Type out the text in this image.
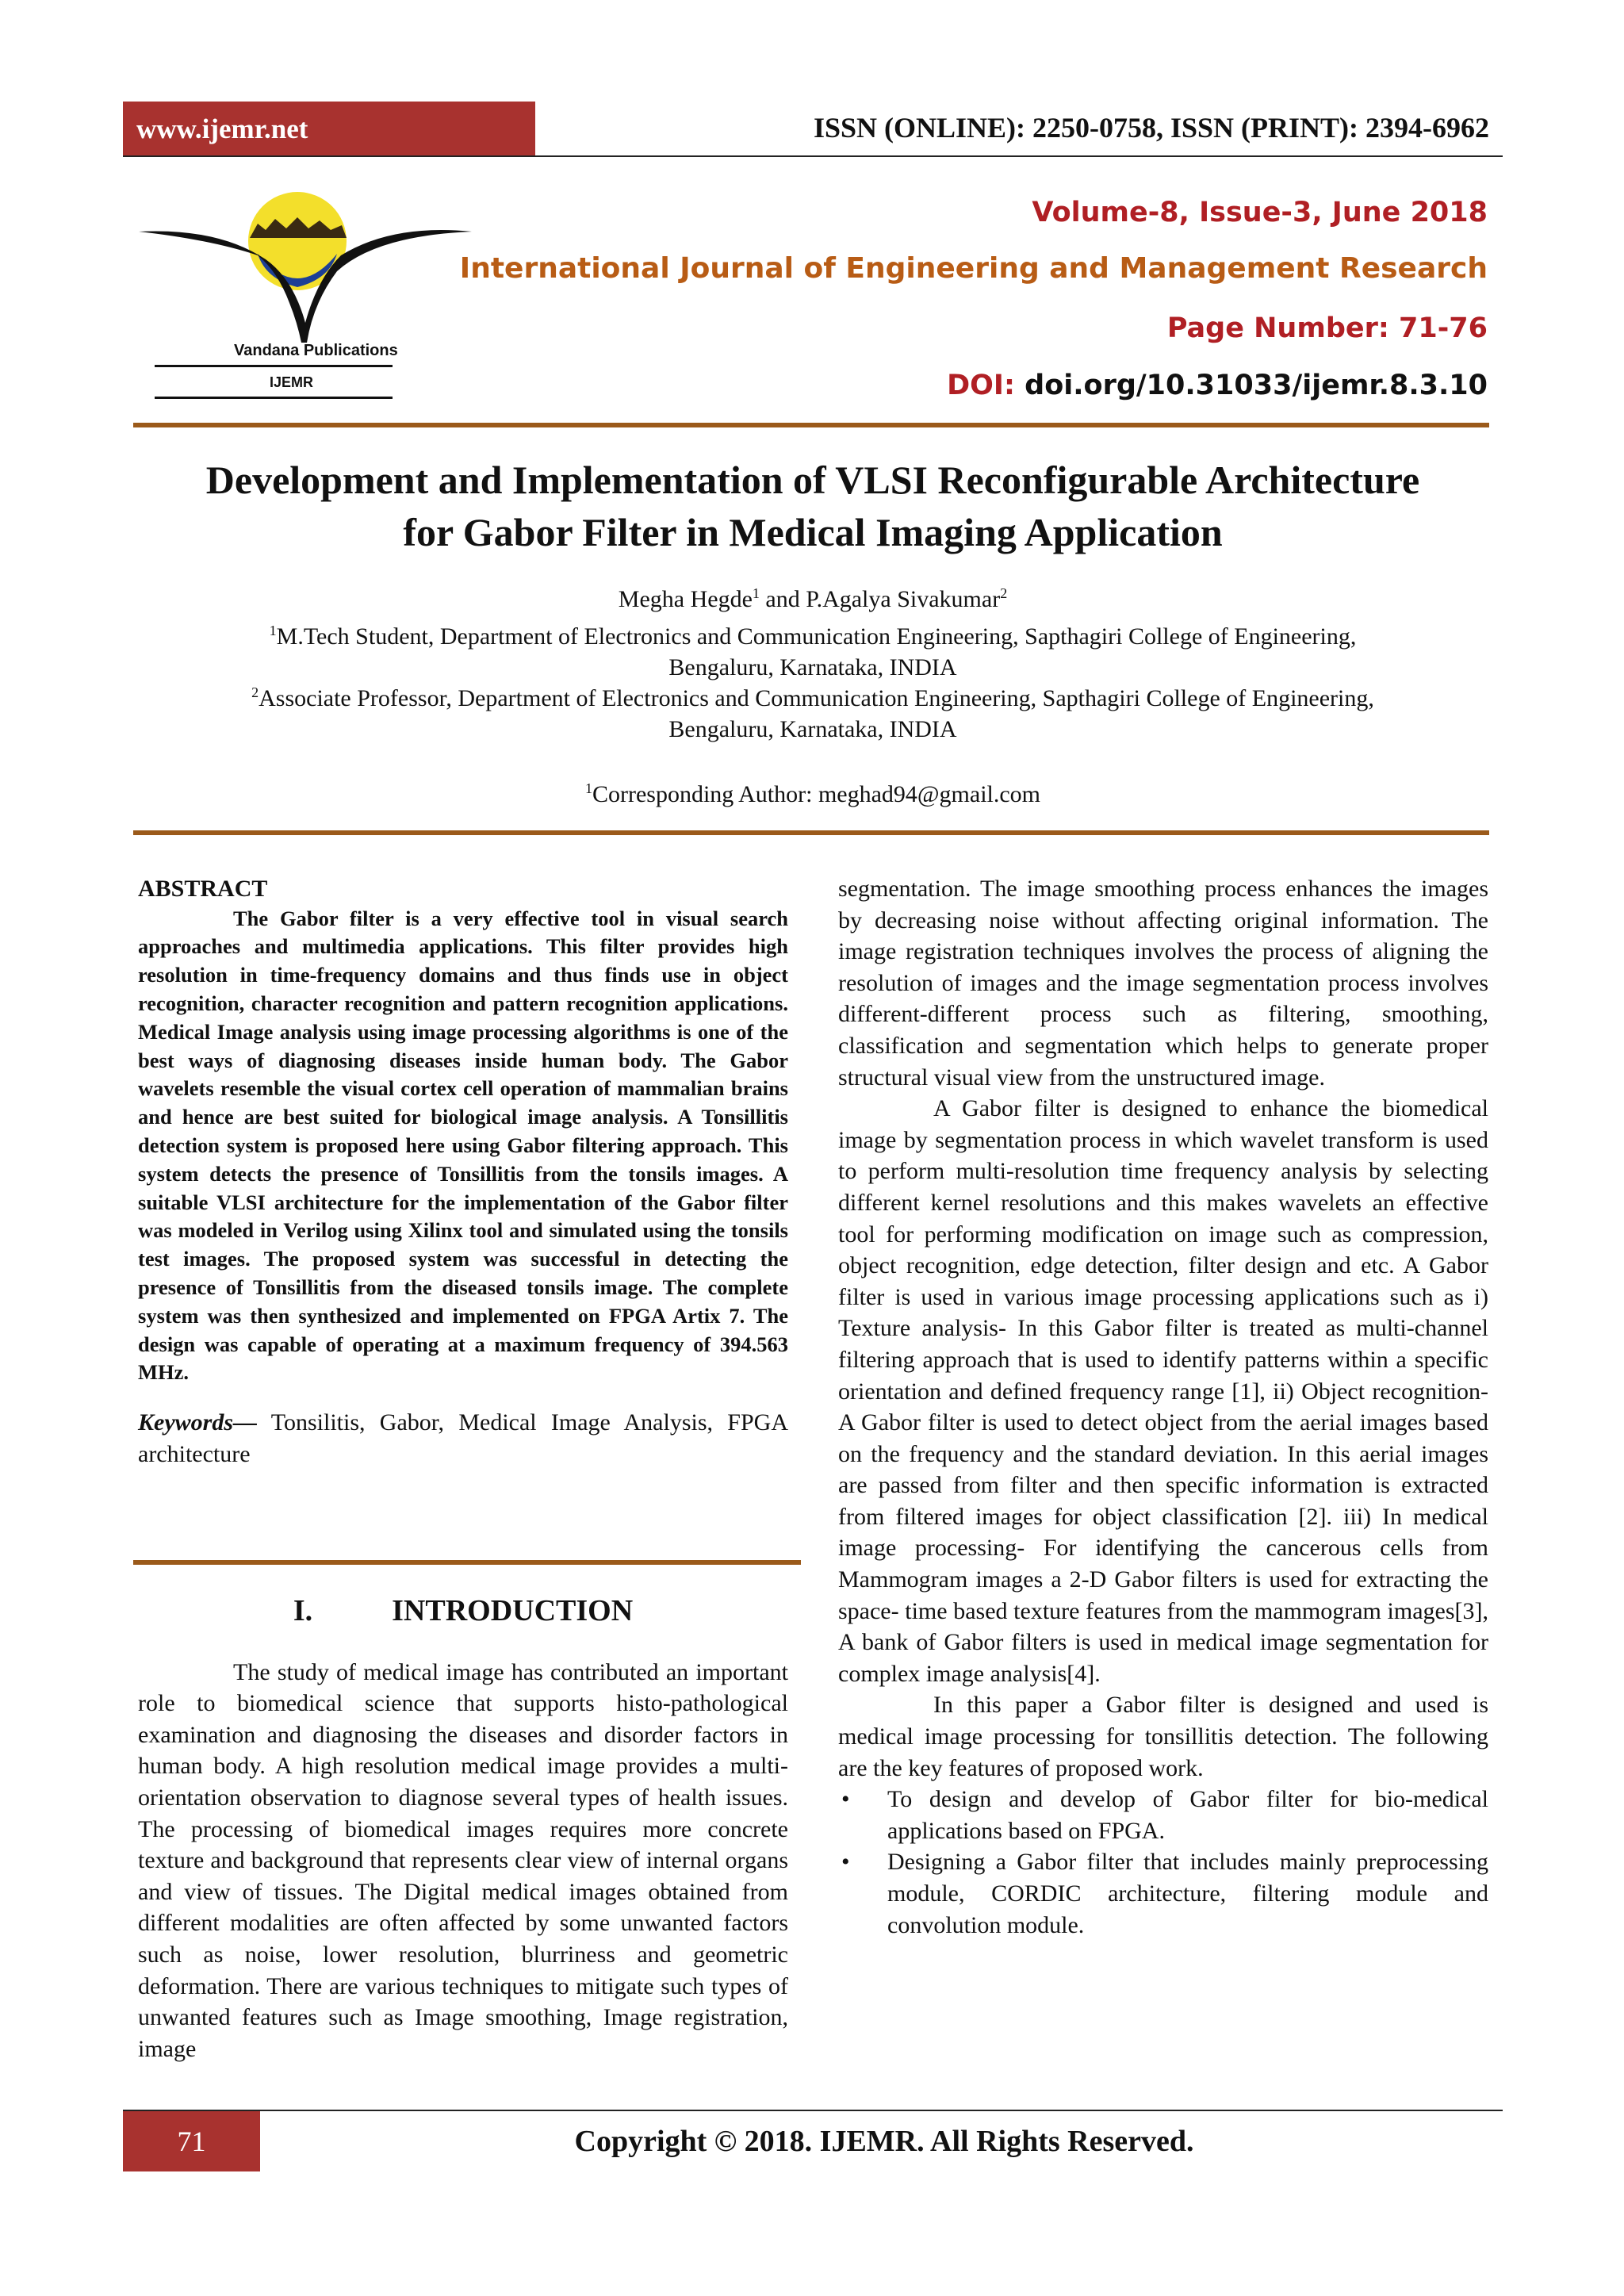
www.ijemr.net	ISSN (ONLINE): 2250-0758, ISSN (PRINT): 2394-6962
Vandana Publications
IJEMR
Volume-8, Issue-3, June 2018
International Journal of Engineering and Management Research
Page Number: 71-76
DOI: doi.org/10.31033/ijemr.8.3.10
Development and Implementation of VLSI Reconfigurable Architecture
for Gabor Filter in Medical Imaging Application
Megha Hegde$^1$ and P.Agalya Sivakumar$^2$
$^1$M.Tech Student, Department of Electronics and Communication Engineering, Sapthagiri College of Engineering,
Bengaluru, Karnataka, INDIA
$^2$Associate Professor, Department of Electronics and Communication Engineering, Sapthagiri College of Engineering,
Bengaluru, Karnataka, INDIA
$^1$Corresponding Author: meghad94@gmail.com
ABSTRACT

The Gabor filter is a very effective tool in visual search approaches and multimedia applications. This filter provides high resolution in time-frequency domains and thus finds use in object recognition, character recognition and pattern recognition applications. Medical Image analysis using image processing algorithms is one of the best ways of diagnosing diseases inside human body. The Gabor wavelets resemble the visual cortex cell operation of mammalian brains and hence are best suited for biological image analysis. A Tonsillitis detection system is proposed here using Gabor filtering approach. This system detects the presence of Tonsillitis from the tonsils images. A suitable VLSI architecture for the implementation of the Gabor filter was modeled in Verilog using Xilinx tool and simulated using the tonsils test images. The proposed system was successful in detecting the presence of Tonsillitis from the diseased tonsils image. The complete system was then synthesized and implemented on FPGA Artix 7. The design was capable of operating at a maximum frequency of 394.563 MHz.

Keywords— Tonsilitis, Gabor, Medical Image Analysis, FPGA architecture

I.	INTRODUCTION

The study of medical image has contributed an important role to biomedical science that supports histo-pathological examination and diagnosing the diseases and disorder factors in human body. A high resolution medical image provides a multi-orientation observation to diagnose several types of health issues. The processing of biomedical images requires more concrete texture and background that represents clear view of internal organs and view of tissues. The Digital medical images obtained from different modalities are often affected by some unwanted factors such as noise, lower resolution, blurriness and geometric deformation. There are various techniques to mitigate such types of unwanted features such as Image smoothing, Image registration, image

segmentation. The image smoothing process enhances the images by decreasing noise without affecting original information. The image registration techniques involves the process of aligning the resolution of images and the image segmentation process involves different-different process such as filtering, smoothing, classification and segmentation which helps to generate proper structural visual view from the unstructured image.

A Gabor filter is designed to enhance the biomedical image by segmentation process in which wavelet transform is used to perform multi-resolution time frequency analysis by selecting different kernel resolutions and this makes wavelets an effective tool for performing modification on image such as compression, object recognition, edge detection, filter design and etc. A Gabor filter is used in various image processing applications such as i) Texture analysis- In this Gabor filter is treated as multi-channel filtering approach that is used to identify patterns within a specific orientation and defined frequency range [1], ii) Object recognition- A Gabor filter is used to detect object from the aerial images based on the frequency and the standard deviation. In this aerial images are passed from filter and then specific information is extracted from filtered images for object classification [2]. iii) In medical image processing- For identifying the cancerous cells from Mammogram images a 2-D Gabor filters is used for extracting the space- time based texture features from the mammogram images[3], A bank of Gabor filters is used in medical image segmentation for complex image analysis[4].

In this paper a Gabor filter is designed and used is medical image processing for tonsillitis detection. The following are the key features of proposed work.

• To design and develop of Gabor filter for bio-medical applications based on FPGA.
• Designing a Gabor filter that includes mainly preprocessing module, CORDIC architecture, filtering module and convolution module.
71	Copyright © 2018. IJEMR. All Rights Reserved.
